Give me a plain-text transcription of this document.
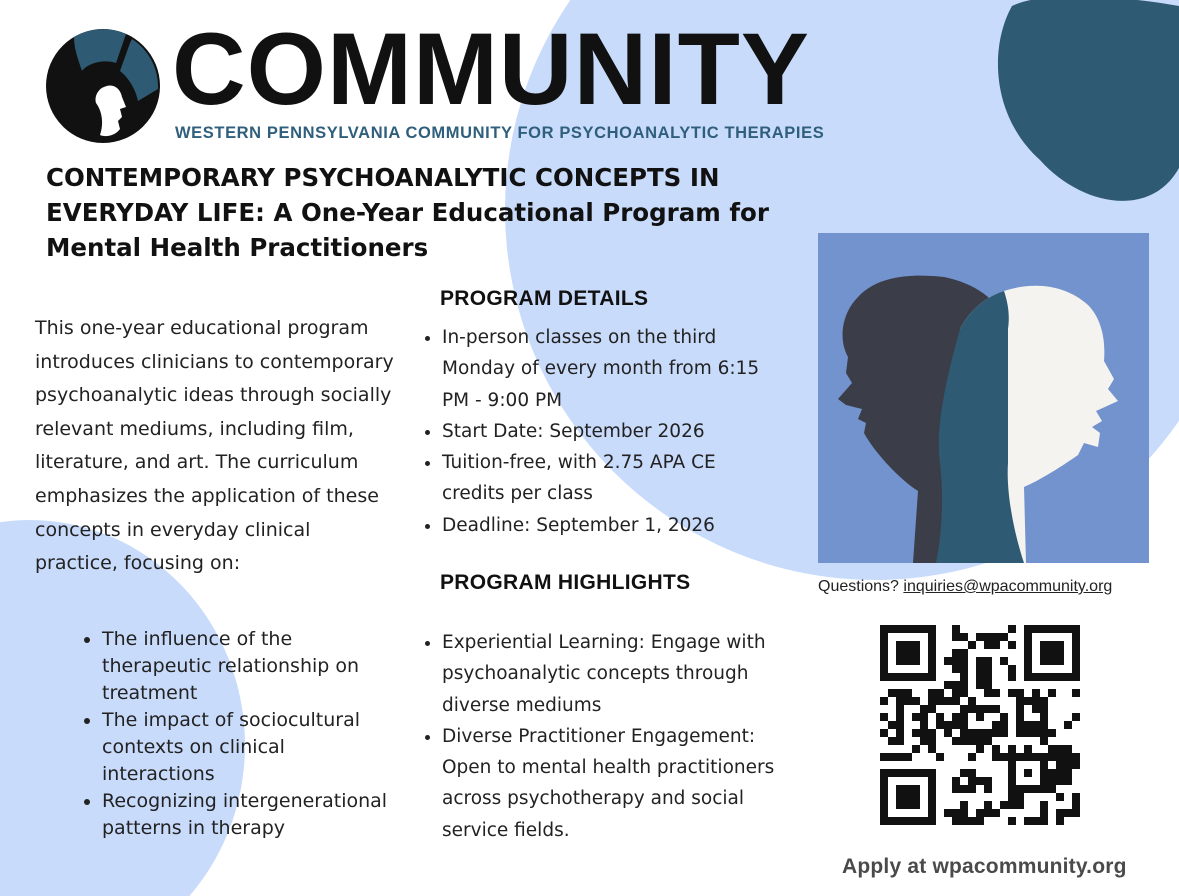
COMMUNITY
WESTERN PENNSYLVANIA COMMUNITY FOR PSYCHOANALYTIC THERAPIES
CONTEMPORARY PSYCHOANALYTIC CONCEPTS IN
EVERYDAY LIFE: A One-Year Educational Program for
Mental Health Practitioners

This one-year educational program introduces clinicians to contemporary psychoanalytic ideas through socially relevant mediums, including film, literature, and art. The curriculum emphasizes the application of these concepts in everyday clinical practice, focusing on:

• The influence of the therapeutic relationship on treatment
• The impact of sociocultural contexts on clinical interactions
• Recognizing intergenerational patterns in therapy
PROGRAM DETAILS
• In-person classes on the third Monday of every month from 6:15 PM - 9:00 PM
• Start Date: September 2026
• Tuition-free, with 2.75 APA CE credits per class
• Deadline: September 1, 2026
PROGRAM HIGHLIGHTS
• Experiential Learning: Engage with psychoanalytic concepts through diverse mediums
• Diverse Practitioner Engagement: Open to mental health practitioners across psychotherapy and social service fields.
Questions? inquiries@wpacommunity.org
Apply at wpacommunity.org
